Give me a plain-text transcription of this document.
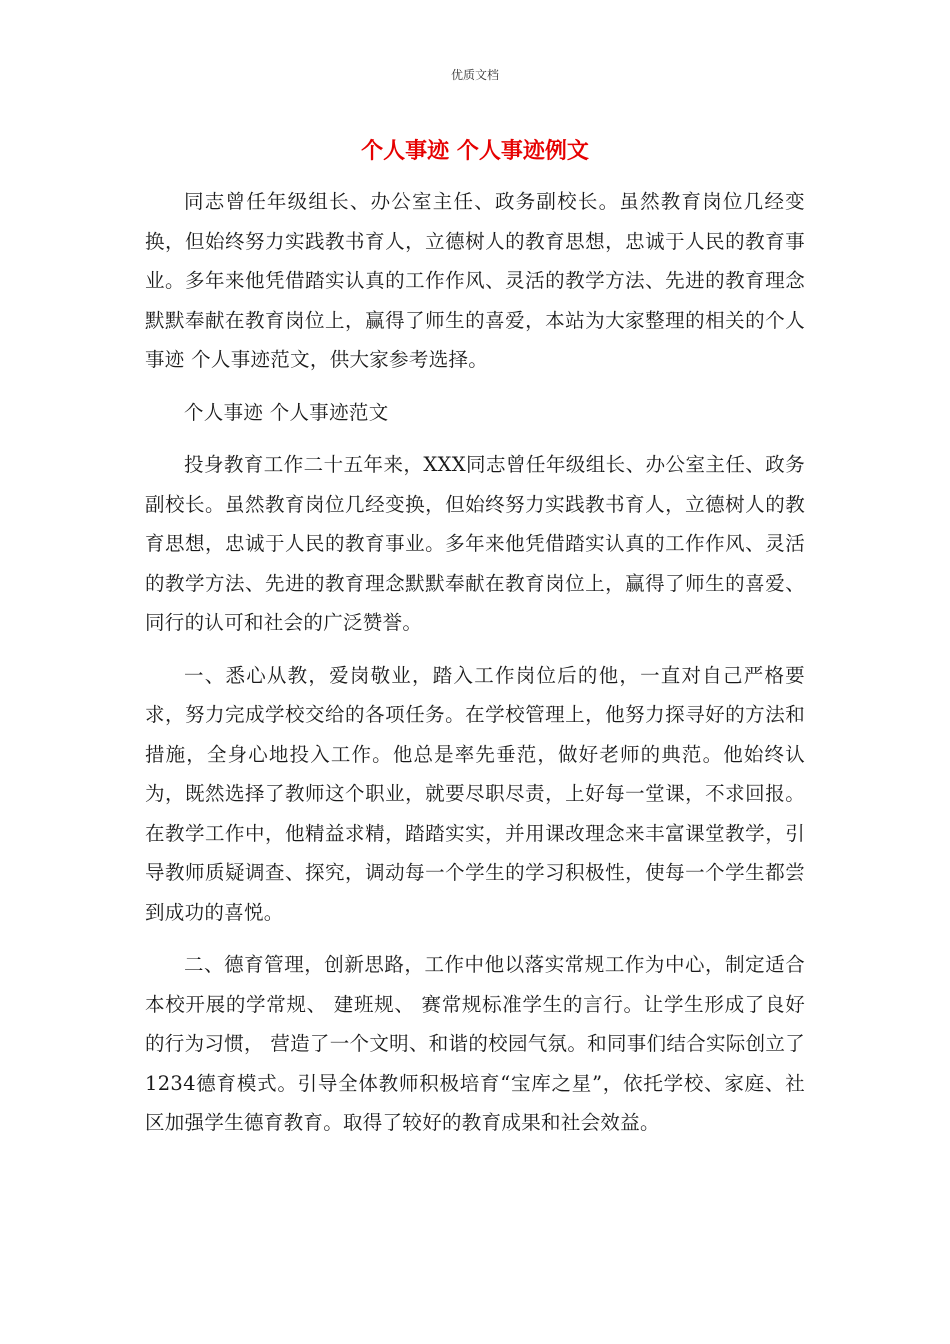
优质文档
个人事迹 个人事迹例文

同志曾任年级组长、办公室主任、政务副校长。虽然教育岗位几经变换，但始终努力实践教书育人，立德树人的教育思想，忠诚于人民的教育事业。多年来他凭借踏实认真的工作作风、灵活的教学方法、先进的教育理念默默奉献在教育岗位上，赢得了师生的喜爱，本站为大家整理的相关的个人事迹 个人事迹范文，供大家参考选择。

个人事迹 个人事迹范文

投身教育工作二十五年来，XXX同志曾任年级组长、办公室主任、政务副校长。虽然教育岗位几经变换，但始终努力实践教书育人，立德树人的教育思想，忠诚于人民的教育事业。多年来他凭借踏实认真的工作作风、灵活的教学方法、先进的教育理念默默奉献在教育岗位上，赢得了师生的喜爱、 同行的认可和社会的广泛赞誉。

一、悉心从教，爱岗敬业，踏入工作岗位后的他，一直对自己严格要求，努力完成学校交给的各项任务。在学校管理上，他努力探寻好的方法和措施，全身心地投入工作。他总是率先垂范，做好老师的典范。他始终认为，既然选择了教师这个职业，就要尽职尽责，上好每一堂课，不求回报。在教学工作中，他精益求精，踏踏实实，并用课改理念来丰富课堂教学，引导教师质疑调查、探究，调动每一个学生的学习积极性，使每一个学生都尝到成功的喜悦。

二、德育管理，创新思路，工作中他以落实常规工作为中心，制定适合本校开展的学常规、 建班规、 赛常规标准学生的言行。让学生形成了良好的行为习惯， 营造了一个文明、和谐的校园气氛。和同事们结合实际创立了1234德育模式。引导全体教师积极培育“宝库之星”，依托学校、家庭、社区加强学生德育教育。取得了较好的教育成果和社会效益。
